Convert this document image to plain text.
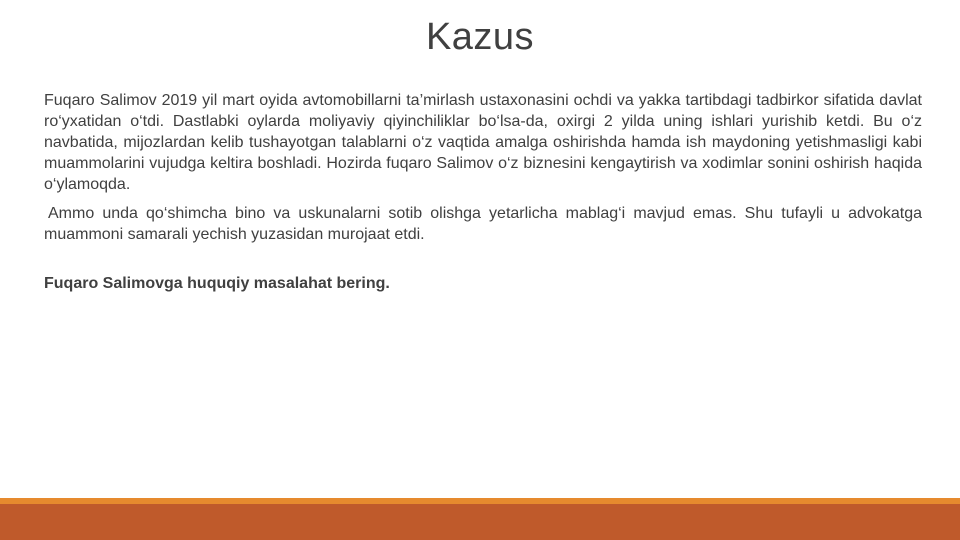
Kazus

Fuqaro Salimov 2019 yil mart oyida avtomobillarni ta’mirlash ustaxonasini ochdi va yakka tartibdagi tadbirkor sifatida davlat ro‘yxatidan o‘tdi. Dastlabki oylarda moliyaviy qiyinchiliklar bo‘lsa-da, oxirgi 2 yilda uning ishlari yurishib ketdi. Bu o‘z navbatida, mijozlardan kelib tushayotgan talablarni o‘z vaqtida amalga oshirishda hamda ish maydoning yetishmasligi kabi muammolarini vujudga keltira boshladi. Hozirda fuqaro Salimov o‘z biznesini kengaytirish va xodimlar sonini oshirish haqida o‘ylamoqda.

Ammo unda qo‘shimcha bino va uskunalarni sotib olishga yetarlicha mablag‘i mavjud emas. Shu tufayli u advokatga muammoni samarali yechish yuzasidan murojaat etdi.

Fuqaro Salimovga huquqiy masalahat bering.
